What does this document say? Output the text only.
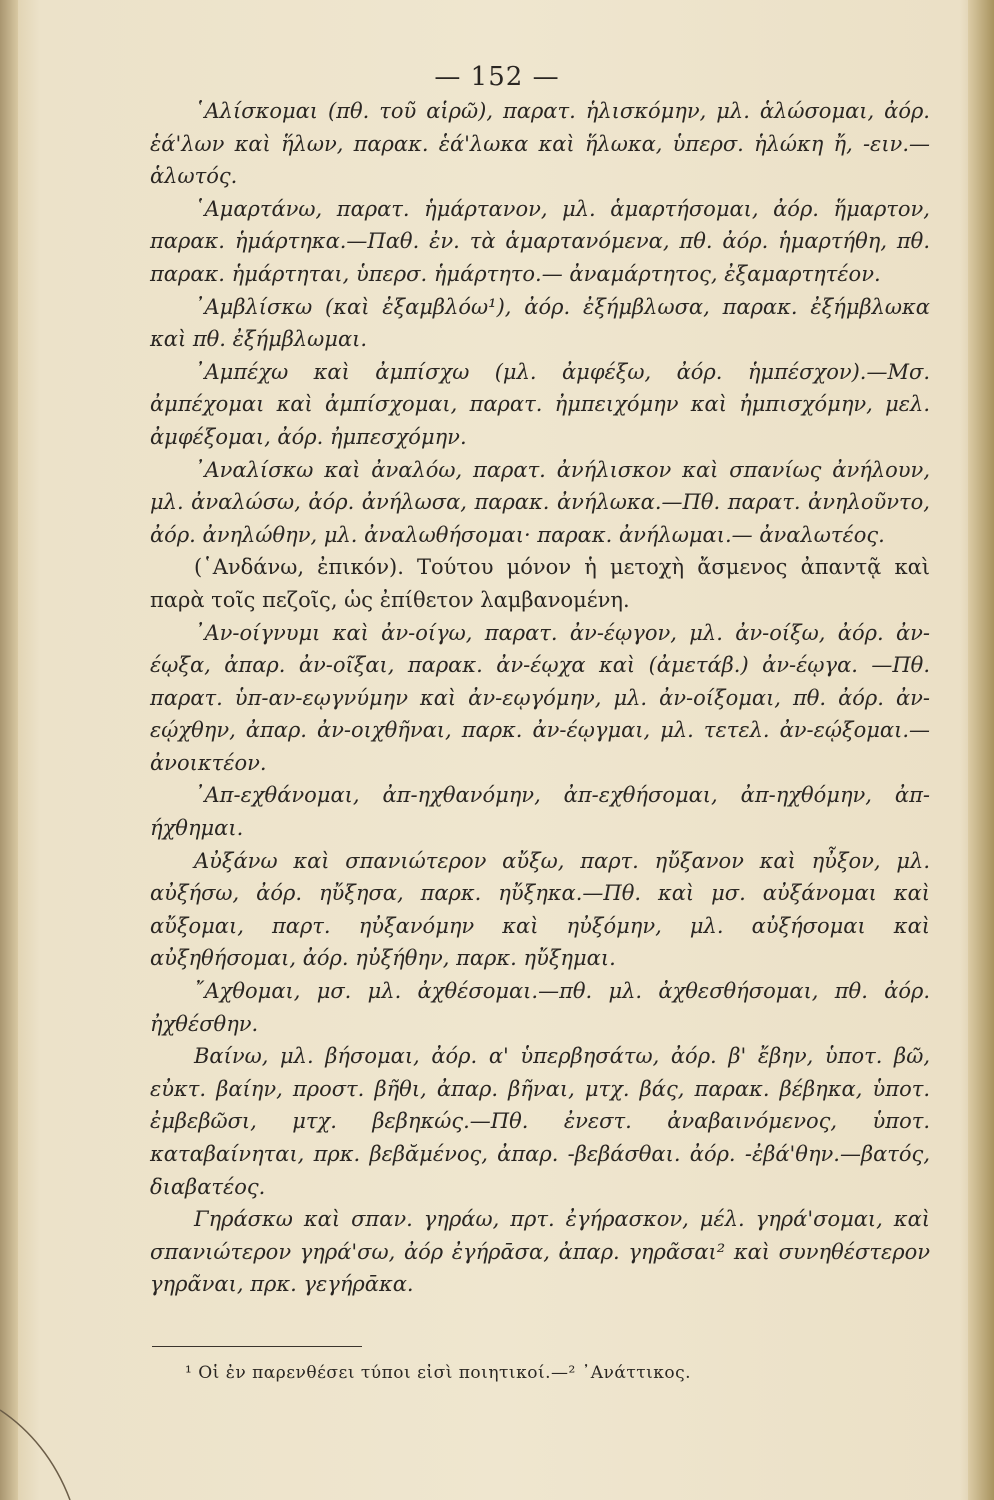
— 152 —

῾Αλίσκομαι (πθ. τοῦ αἱρῶ), παρατ. ἡλισκόμην, μλ. ἁλώσομαι, ἀόρ. ἑά'λων καὶ ἥλων, παρακ. ἑά'λωκα καὶ ἥλωκα, ὑπερσ. ἡλώκη ἤ, -ειν.—ἁλωτός.

῾Αμαρτάνω, παρατ. ἡμάρτανον, μλ. ἁμαρτήσομαι, ἀόρ. ἥμαρτον, παρακ. ἡμάρτηκα.—Παθ. ἐν. τὰ ἁμαρτανόμενα, πθ. ἀόρ. ἡμαρτήθη, πθ. παρακ. ἡμάρτηται, ὑπερσ. ἡμάρτητο.— ἀναμάρτητος, ἐξαμαρτητέον.

᾿Αμβλίσκω (καὶ ἐξαμβλόω¹), ἀόρ. ἐξήμβλωσα, παρακ. ἐξήμβλωκα καὶ πθ. ἐξήμβλωμαι.

᾿Αμπέχω καὶ ἀμπίσχω (μλ. ἀμφέξω, ἀόρ. ἡμπέσχον).—Μσ. ἀμπέχομαι καὶ ἀμπίσχομαι, παρατ. ἠμπειχόμην καὶ ἠμπισχόμην, μελ. ἀμφέξομαι, ἀόρ. ἠμπεσχόμην.

᾿Αναλίσκω καὶ ἀναλόω, παρατ. ἀνήλισκον καὶ σπανίως ἀνήλουν, μλ. ἀναλώσω, ἀόρ. ἀνήλωσα, παρακ. ἀνήλωκα.—Πθ. παρατ. ἀνηλοῦντο, ἀόρ. ἀνηλώθην, μλ. ἀναλωθήσομαι· παρακ. ἀνήλωμαι.— ἀναλωτέος.

(῾Ανδάνω, ἐπικόν). Τούτου μόνον ἡ μετοχὴ ἄσμενος ἀπαντᾷ καὶ παρὰ τοῖς πεζοῖς, ὡς ἐπίθετον λαμβανομένη.

᾿Αν-οίγνυμι καὶ ἀν-οίγω, παρατ. ἀν-έῳγον, μλ. ἀν-οίξω, ἀόρ. ἀν-έῳξα, ἀπαρ. ἀν-οῖξαι, παρακ. ἀν-έῳχα καὶ (ἀμετάβ.) ἀν-έῳγα. —Πθ. παρατ. ὑπ-αν-εῳγνύμην καὶ ἀν-εῳγόμην, μλ. ἀν-οίξομαι, πθ. ἀόρ. ἀν-εῴχθην, ἀπαρ. ἀν-οιχθῆναι, παρκ. ἀν-έῳγμαι, μλ. τετελ. ἀν-εῴξομαι.—ἀνοικτέον.

᾿Απ-εχθάνομαι, ἀπ-ηχθανόμην, ἀπ-εχθήσομαι, ἀπ-ηχθόμην, ἀπ-ήχθημαι.

Αὐξάνω καὶ σπανιώτερον αὔξω, παρτ. ηὔξανον καὶ ηὖξον, μλ. αὐξήσω, ἀόρ. ηὔξησα, παρκ. ηὔξηκα.—Πθ. καὶ μσ. αὐξάνομαι καὶ αὔξομαι, παρτ. ηὐξανόμην καὶ ηὐξόμην, μλ. αὐξήσομαι καὶ αὐξηθήσομαι, ἀόρ. ηὐξήθην, παρκ. ηὔξημαι.

῎Αχθομαι, μσ. μλ. ἀχθέσομαι.—πθ. μλ. ἀχθεσθήσομαι, πθ. ἀόρ. ἠχθέσθην.

Βαίνω, μλ. βήσομαι, ἀόρ. α' ὑπερβησάτω, ἀόρ. β' ἔβην, ὑποτ. βῶ, εὐκτ. βαίην, προστ. βῆθι, ἀπαρ. βῆναι, μτχ. βάς, παρακ. βέβηκα, ὑποτ. ἐμβεβῶσι, μτχ. βεβηκώς.—Πθ. ἐνεστ. ἀναβαινόμενος, ὑποτ. καταβαίνηται, πρκ. βεβᾰμένος, ἀπαρ. -βεβάσθαι. ἀόρ. -ἐβά'θην.—βατός, διαβατέος.

Γηράσκω καὶ σπαν. γηράω, πρτ. ἐγήρασκον, μέλ. γηρά'σομαι, καὶ σπανιώτερον γηρά'σω, ἀόρ ἐγήρᾱσα, ἀπαρ. γηρᾶσαι² καὶ συνηθέστερον γηρᾶναι, πρκ. γεγήρᾱκα.

¹ Οἱ ἐν παρενθέσει τύποι εἰσὶ ποιητικοί.—² ᾿Ανάττικος.
